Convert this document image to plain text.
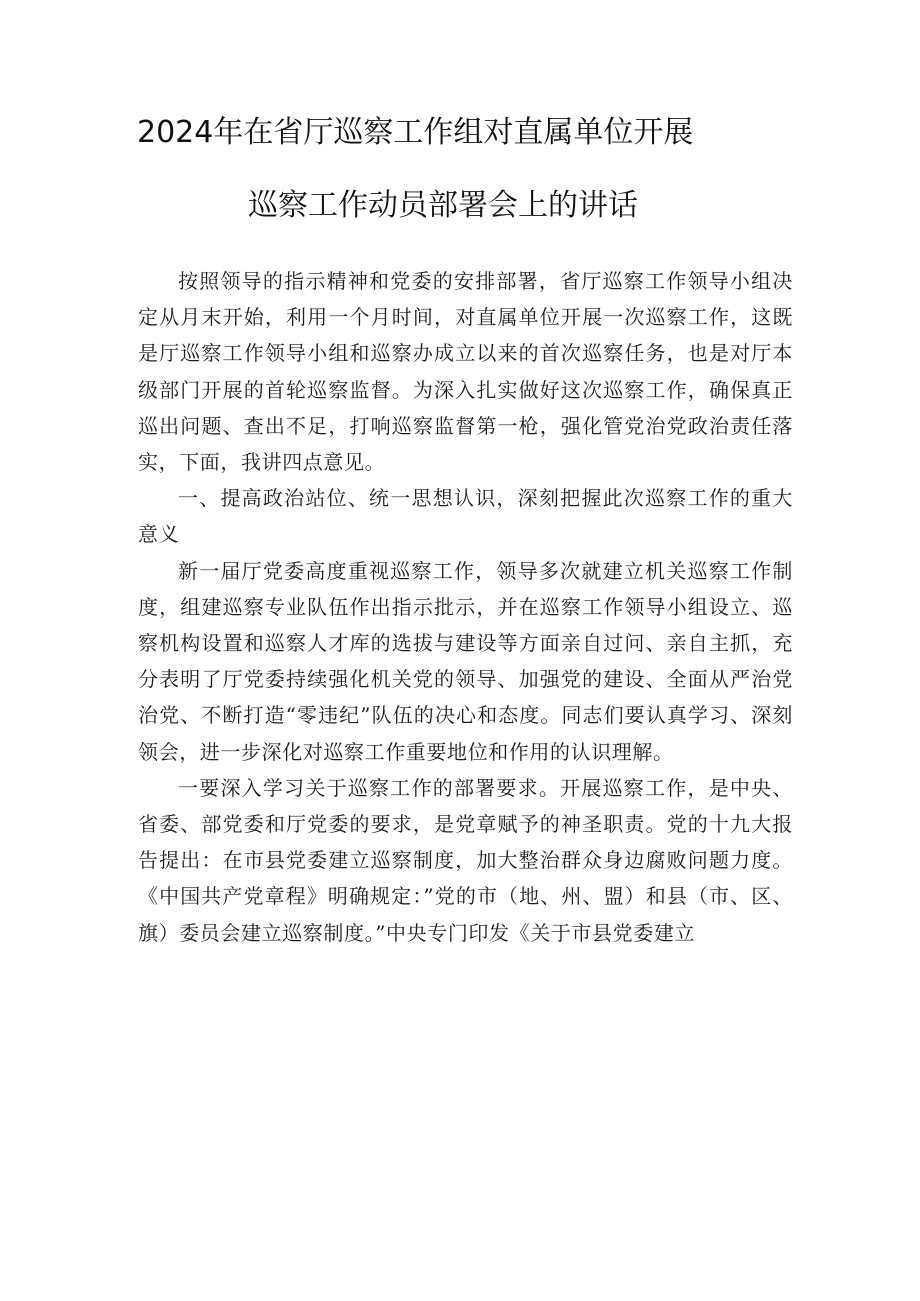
2024年在省厅巡察工作组对直属单位开展
巡察工作动员部署会上的讲话

按照领导的指示精神和党委的安排部署，省厅巡察工作领导小组决定从月末开始，利用一个月时间，对直属单位开展一次巡察工作，这既是厅巡察工作领导小组和巡察办成立以来的首次巡察任务，也是对厅本级部门开展的首轮巡察监督。为深入扎实做好这次巡察工作，确保真正巡出问题、查出不足，打响巡察监督第一枪，强化管党治党政治责任落实，下面，我讲四点意见。

一、提高政治站位、统一思想认识，深刻把握此次巡察工作的重大意义

新一届厅党委高度重视巡察工作，领导多次就建立机关巡察工作制度，组建巡察专业队伍作出指示批示，并在巡察工作领导小组设立、巡察机构设置和巡察人才库的选拔与建设等方面亲自过问、亲自主抓，充分表明了厅党委持续强化机关党的领导、加强党的建设、全面从严治党治党、不断打造“零违纪”队伍的决心和态度。同志们要认真学习、深刻领会，进一步深化对巡察工作重要地位和作用的认识理解。

一要深入学习关于巡察工作的部署要求。开展巡察工作，是中央、省委、部党委和厅党委的要求，是党章赋予的神圣职责。党的十九大报告提出：在市县党委建立巡察制度，加大整治群众身边腐败问题力度。《中国共产党章程》明确规定：”党的市（地、州、盟）和县（市、区、旗）委员会建立巡察制度。”中央专门印发《关于市县党委建立
